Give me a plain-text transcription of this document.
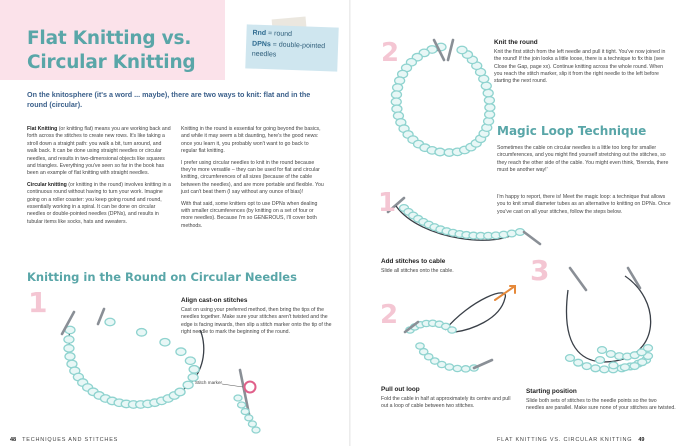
Flat Knitting vs.
Circular Knitting
Rnd = round
DPNs = double-pointed needles

On the knitosphere (it's a word ... maybe), there are two ways to knit: flat and in the round (circular).

Flat Knitting (or knitting flat) means you are working back and forth across the stitches to create new rows. It's like taking a stroll down a straight path: you walk a bit, turn around, and walk back. It can be done using straight needles or circular needles, and results in two-dimensional objects like squares and triangles. Everything you've seen so far in the book has been an example of flat knitting with straight needles.

Circular knitting (or knitting in the round) involves knitting in a continuous round without having to turn your work. Imagine going on a roller coaster: you keep going round and round, essentially working in a spiral. It can be done on circular needles or double-pointed needles (DPNs), and results in tubular items like socks, hats and sweaters.

Knitting in the round is essential for going beyond the basics, and while it may seem a bit daunting, here's the good news: once you learn it, you probably won't want to go back to regular flat knitting.

I prefer using circular needles to knit in the round because they're more versatile – they can be used for flat and circular knitting, circumferences of all sizes (because of the cable between the needles), and are more portable and flexible. You just can't beat them (I say without any ounce of bias)!

With that said, some knitters opt to use DPNs when dealing with smaller circumferences (by knitting on a set of four or more needles). Because I'm so GENEROUS, I'll cover both methods.

Knitting in the Round on Circular Needles
1	Align cast-on stitches

Cast on using your preferred method, then bring the tips of the needles together. Make sure your stitches aren't twisted and the edge is facing inwards, then slip a stitch marker onto the tip of the right needle to mark the beginning of the round.

Stitch marker
48 TECHNIQUES AND STITCHES
2	Knit the round

Knit the first stitch from the left needle and pull it tight. You've now joined in the round! If the join looks a little loose, there is a technique to fix this (see Close the Gap, page xx). Continue knitting across the whole round. When you reach the stitch marker, slip it from the right needle to the left before starting the next round.

Magic Loop Technique

Sometimes the cable on circular needles is a little too long for smaller circumferences, and you might find yourself stretching out the stitches, so they reach the other side of the cable. You might even think, 'Brenda, there must be another way!'

I'm happy to report, there is! Meet the magic loop: a technique that allows you to knit small diameter tubes as an alternative to knitting on DPNs. Once you've cast on all your stitches, follow the steps below.

1

Add stitches to cable

Slide all stitches onto the cable.

2

Pull out loop

Fold the cable in half at approximately its centre and pull out a loop of cable between two stitches.

3

Starting position

Slide both sets of stitches to the needle points so the two needles are parallel. Make sure none of your stitches are twisted.

FLAT KNITTING VS. CIRCULAR KNITTING 49
